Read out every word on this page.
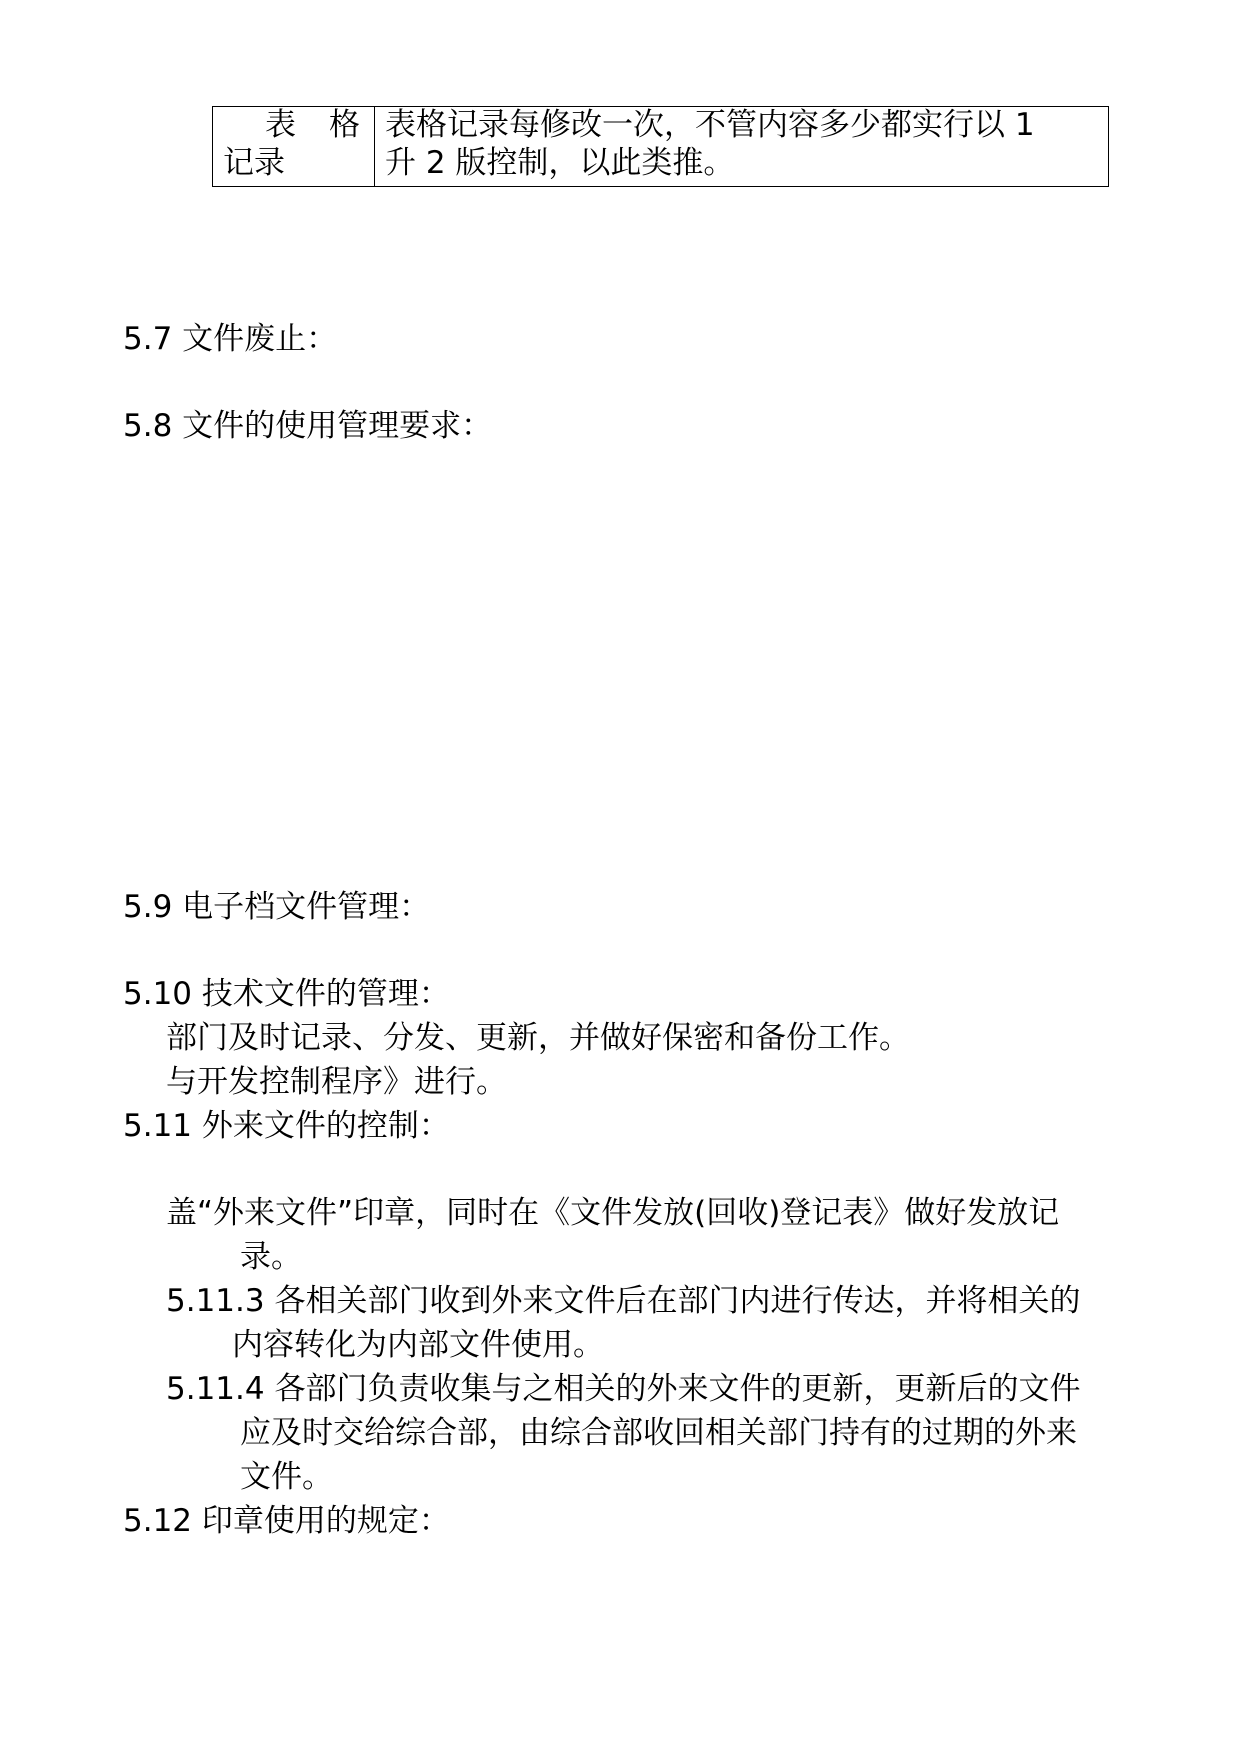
表 格
记录
表格记录每修改一次，不管内容多少都实行以 1
升 2 版控制，以此类推。

5.7 文件废止：

5.8 文件的使用管理要求：

5.9 电子档文件管理：

5.10 技术文件的管理：

部门及时记录、分发、更新，并做好保密和备份工作。

与开发控制程序》进行。

5.11 外来文件的控制：

盖“外来文件”印章，同时在《文件发放(回收)登记表》做好发放记

录。

5.11.3 各相关部门收到外来文件后在部门内进行传达，并将相关的

内容转化为内部文件使用。

5.11.4 各部门负责收集与之相关的外来文件的更新，更新后的文件

应及时交给综合部，由综合部收回相关部门持有的过期的外来

文件。

5.12 印章使用的规定：
